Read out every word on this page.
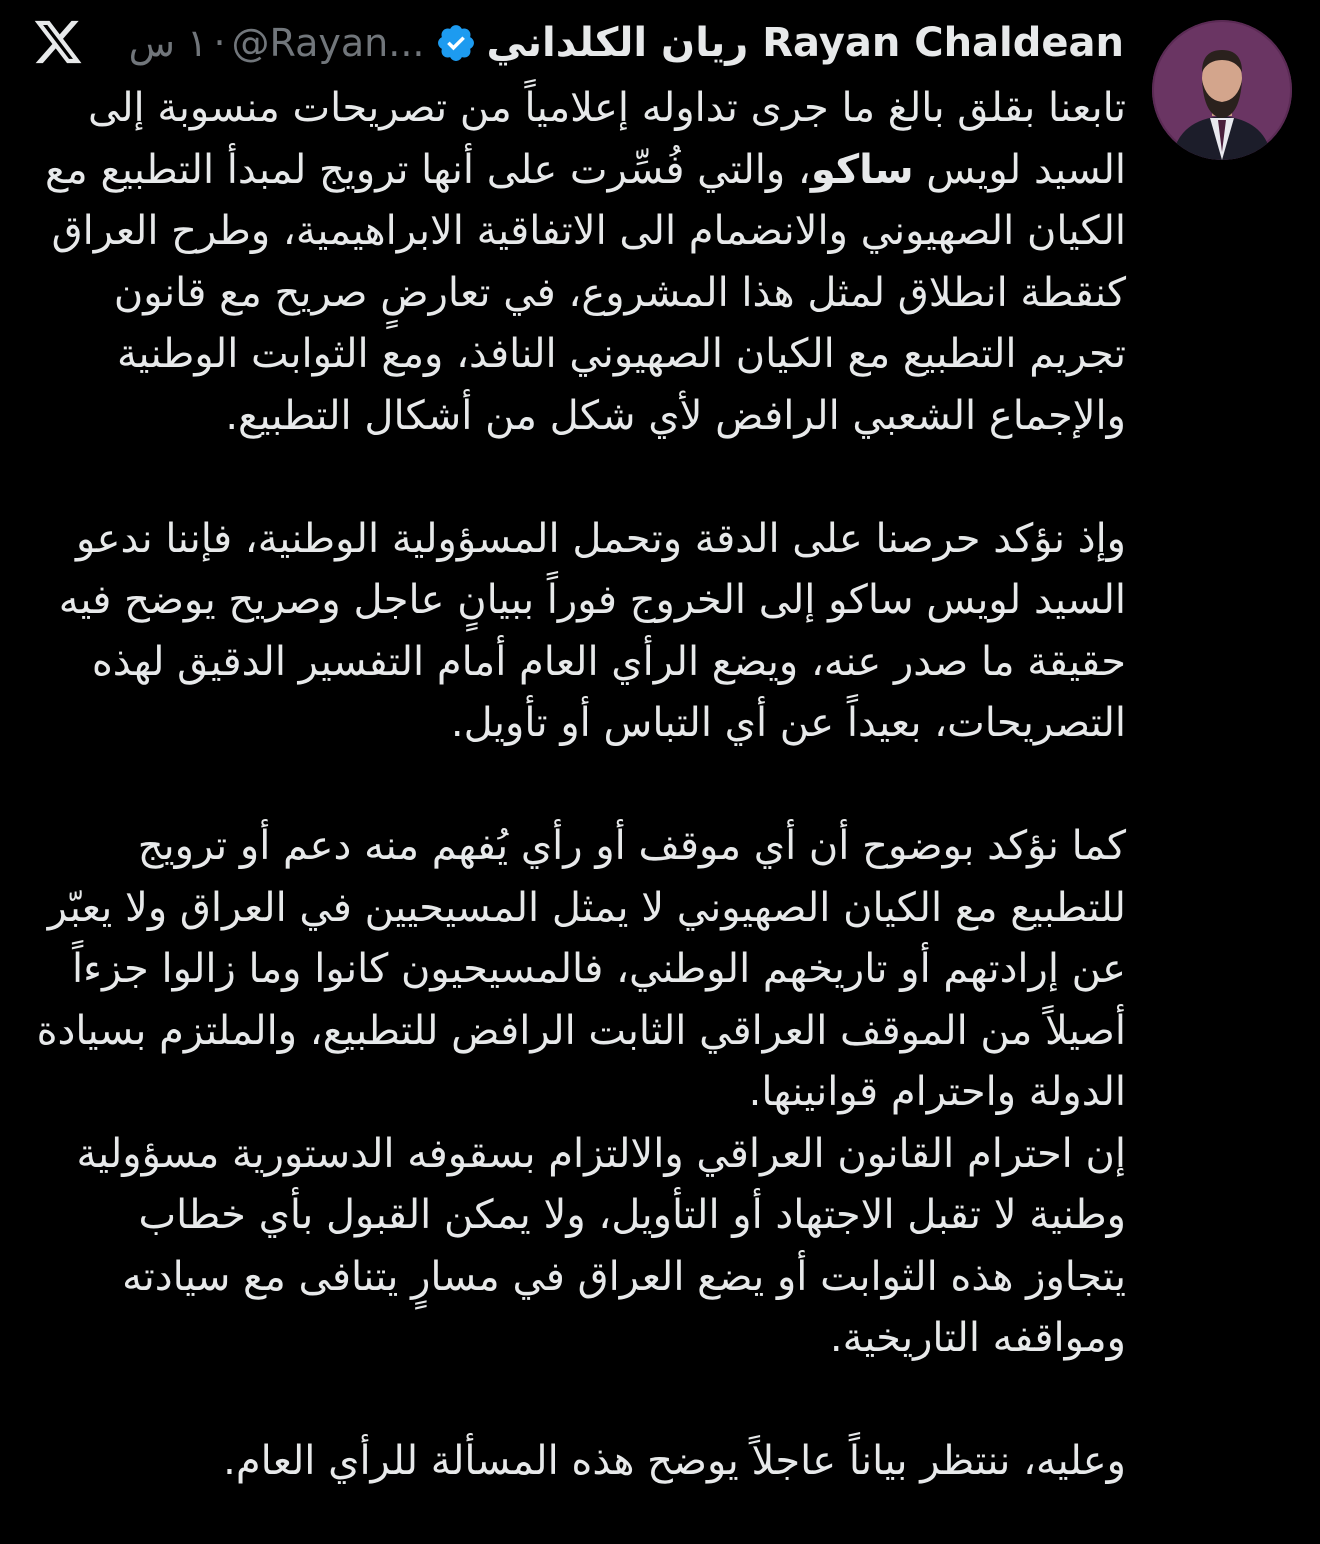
ريان الكلداني Rayan Chaldean
@Rayan...
·
١ س
تابعنا بقلق بالغ ما جرى تداوله إعلامياً من تصريحات منسوبة إلى السيد لويس ساكو، والتي فُسِّرت على أنها ترويج لمبدأ التطبيع مع الكيان الصهيوني والانضمام الى الاتفاقية الابراهيمية، وطرح العراق كنقطة انطلاق لمثل هذا المشروع، في تعارضٍ صريح مع قانون تجريم التطبيع مع الكيان الصهيوني النافذ، ومع الثوابت الوطنية والإجماع الشعبي الرافض لأي شكل من أشكال التطبيع.

وإذ نؤكد حرصنا على الدقة وتحمل المسؤولية الوطنية، فإننا ندعو السيد لويس ساكو إلى الخروج فوراً ببيانٍ عاجل وصريح يوضح فيه حقيقة ما صدر عنه، ويضع الرأي العام أمام التفسير الدقيق لهذه التصريحات، بعيداً عن أي التباس أو تأويل.

كما نؤكد بوضوح أن أي موقف أو رأي يُفهم منه دعم أو ترويج للتطبيع مع الكيان الصهيوني لا يمثل المسيحيين في العراق ولا يعبّر عن إرادتهم أو تاريخهم الوطني، فالمسيحيون كانوا وما زالوا جزءاً أصيلاً من الموقف العراقي الثابت الرافض للتطبيع، والملتزم بسيادة الدولة واحترام قوانينها.
إن احترام القانون العراقي والالتزام بسقوفه الدستورية مسؤولية وطنية لا تقبل الاجتهاد أو التأويل، ولا يمكن القبول بأي خطاب يتجاوز هذه الثوابت أو يضع العراق في مسارٍ يتنافى مع سيادته ومواقفه التاريخية.

وعليه، ننتظر بياناً عاجلاً يوضح هذه المسألة للرأي العام.
